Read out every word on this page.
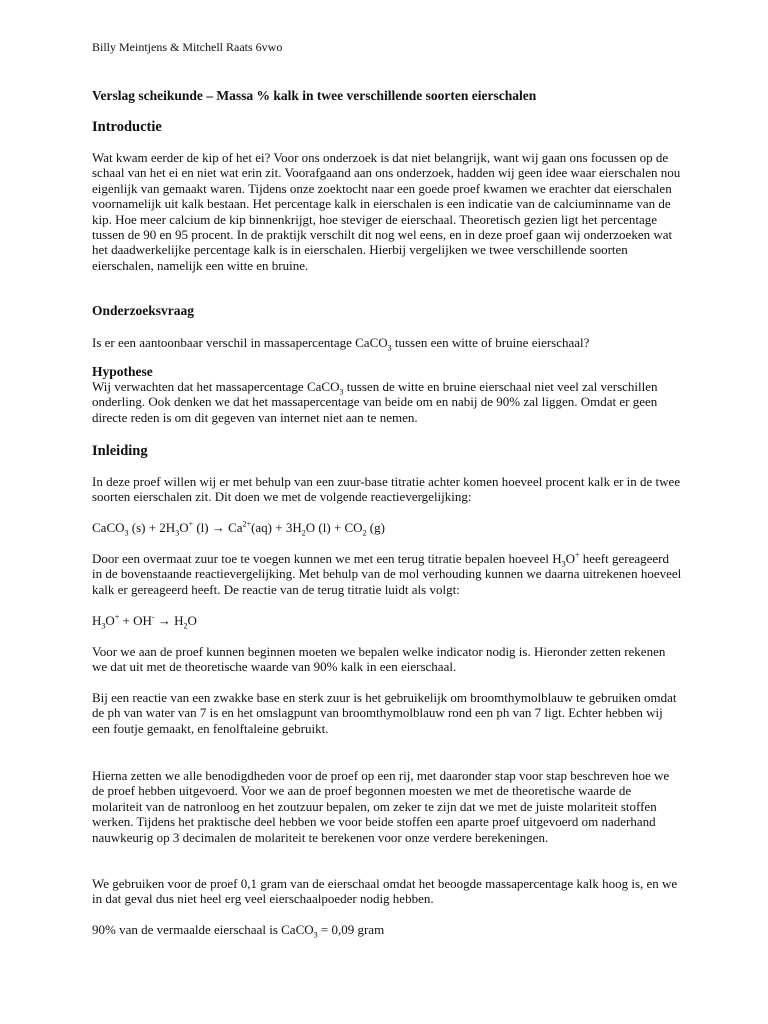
Billy Meintjens & Mitchell Raats 6vwo
Verslag scheikunde – Massa % kalk in twee verschillende soorten eierschalen
Introductie
Wat kwam eerder de kip of het ei? Voor ons onderzoek is dat niet belangrijk, want wij gaan ons focussen op de schaal van het ei en niet wat erin zit. Voorafgaand aan ons onderzoek, hadden wij geen idee waar eierschalen nou eigenlijk van gemaakt waren. Tijdens onze zoektocht naar een goede proef kwamen we erachter dat eierschalen voornamelijk uit kalk bestaan. Het percentage kalk in eierschalen is een indicatie van de calciuminname van de kip. Hoe meer calcium de kip binnenkrijgt, hoe steviger de eierschaal. Theoretisch gezien ligt het percentage tussen de 90 en 95 procent. In de praktijk verschilt dit nog wel eens, en in deze proef gaan wij onderzoeken wat het daadwerkelijke percentage kalk is in eierschalen. Hierbij vergelijken we twee verschillende soorten eierschalen, namelijk een witte en bruine.
Onderzoeksvraag
Is er een aantoonbaar verschil in massapercentage CaCO$_3$ tussen een witte of bruine eierschaal?
Hypothese
Wij verwachten dat het massapercentage CaCO$_3$ tussen de witte en bruine eierschaal niet veel zal verschillen onderling. Ook denken we dat het massapercentage van beide om en nabij de 90% zal liggen. Omdat er geen directe reden is om dit gegeven van internet niet aan te nemen.
Inleiding
In deze proef willen wij er met behulp van een zuur-base titratie achter komen hoeveel procent kalk er in de twee soorten eierschalen zit. Dit doen we met de volgende reactievergelijking:
CaCO$_3$ $(s) + 2H_3O^+$ $(l) \to Ca^{2+}(aq) + 3H_2O$ $(l) + CO_2$ (g)
Door een overmaat zuur toe te voegen kunnen we met een terug titratie bepalen hoeveel $H_3O^+$ heeft gereageerd in de bovenstaande reactievergelijking. Met behulp van de mol verhouding kunnen we daarna uitrekenen hoeveel kalk er gereageerd heeft. De reactie van de terug titratie luidt als volgt:
$H_3O^+ + OH^- \to H_2O$
Voor we aan de proef kunnen beginnen moeten we bepalen welke indicator nodig is. Hieronder zetten rekenen we dat uit met de theoretische waarde van 90% kalk in een eierschaal.
Bij een reactie van een zwakke base en sterk zuur is het gebruikelijk om broomthymolblauw te gebruiken omdat de ph van water van 7 is en het omslagpunt van broomthymolblauw rond een ph van 7 ligt. Echter hebben wij een foutje gemaakt, en fenolftaleine gebruikt.
Hierna zetten we alle benodigdheden voor de proef op een rij, met daaronder stap voor stap beschreven hoe we de proef hebben uitgevoerd. Voor we aan de proef begonnen moesten we met de theoretische waarde de molariteit van de natronloog en het zoutzuur bepalen, om zeker te zijn dat we met de juiste molariteit stoffen werken. Tijdens het praktische deel hebben we voor beide stoffen een aparte proef uitgevoerd om naderhand nauwkeurig op 3 decimalen de molariteit te berekenen voor onze verdere berekeningen.
We gebruiken voor de proef 0,1 gram van de eierschaal omdat het beoogde massapercentage kalk hoog is, en we in dat geval dus niet heel erg veel eierschaalpoeder nodig hebben.
90% van de vermaalde eierschaal is CaCO$_3$ = 0,09 gram
